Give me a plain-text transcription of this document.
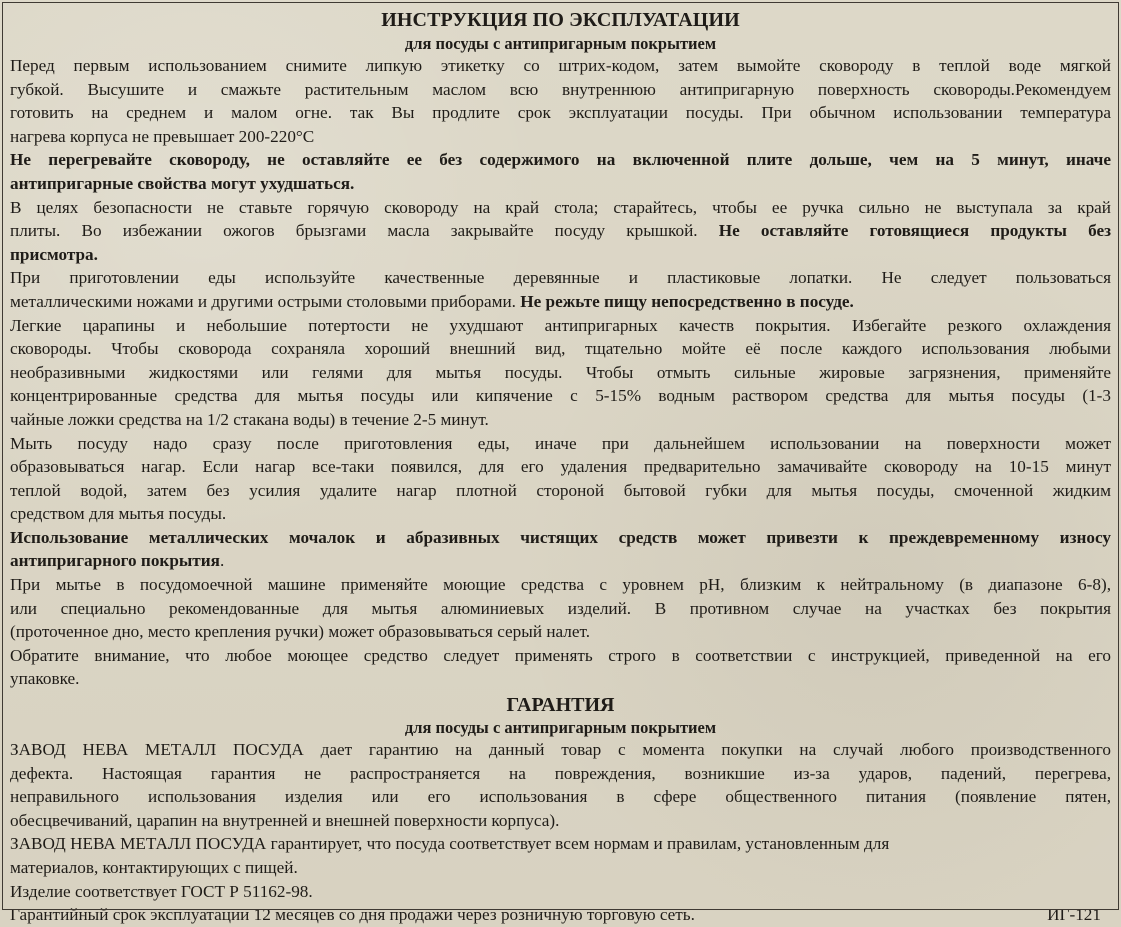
ИНСТРУКЦИЯ ПО ЭКСПЛУАТАЦИИ
для посуды с антипригарным покрытием

Перед первым использованием снимите липкую этикетку со штрих-кодом, затем вымойте сковороду в теплой воде мягкой
губкой. Высушите и смажьте растительным маслом всю внутреннюю антипригарную поверхность сковороды.Рекомендуем
готовить на среднем и малом огне. так Вы продлите срок эксплуатации посуды. При обычном использовании температура
нагрева корпуса не превышает 200-220°С

Не перегревайте сковороду, не оставляйте ее без содержимого на включенной плите дольше, чем на 5 минут, иначе
антипригарные свойства могут ухудшаться.

В целях безопасности не ставьте горячую сковороду на край стола; старайтесь, чтобы ее ручка сильно не выступала за край
плиты. Во избежании ожогов брызгами масла закрывайте посуду крышкой. Не оставляйте готовящиеся продукты без
присмотра.

При приготовлении еды используйте качественные деревянные и пластиковые лопатки. Не следует пользоваться
металлическими ножами и другими острыми столовыми приборами. Не режьте пищу непосредственно в посуде.

Легкие царапины и небольшие потертости не ухудшают антипригарных качеств покрытия. Избегайте резкого охлаждения
сковороды. Чтобы сковорода сохраняла хороший внешний вид, тщательно мойте её после каждого использования любыми
необразивными жидкостями или гелями для мытья посуды. Чтобы отмыть сильные жировые загрязнения, применяйте
концентрированные средства для мытья посуды или кипячение с 5-15% водным раствором средства для мытья посуды (1-3
чайные ложки средства на 1/2 стакана воды) в течение 2-5 минут.

Мыть посуду надо сразу после приготовления еды, иначе при дальнейшем использовании на поверхности может
образовываться нагар. Если нагар все-таки появился, для его удаления предварительно замачивайте сковороду на 10-15 минут
теплой водой, затем без усилия удалите нагар плотной стороной бытовой губки для мытья посуды, смоченной жидким
средством для мытья посуды.

Использование металлических мочалок и абразивных чистящих средств может привезти к преждевременному износу
антипригарного покрытия.

При мытье в посудомоечной машине применяйте моющие средства с уровнем pH, близким к нейтральному (в диапазоне 6-8),
или специально рекомендованные для мытья алюминиевых изделий. В противном случае на участках без покрытия
(проточенное дно, место крепления ручки) может образовываться серый налет.

Обратите внимание, что любое моющее средство следует применять строго в соответствии с инструкцией, приведенной на его
упаковке.

ГАРАНТИЯ
для посуды с антипригарным покрытием

ЗАВОД НЕВА МЕТАЛЛ ПОСУДА дает гарантию на данный товар с момента покупки на случай любого производственного
дефекта. Настоящая гарантия не распространяется на повреждения, возникшие из-за ударов, падений, перегрева,
неправильного использования изделия или его использования в сфере общественного питания (появление пятен,
обесцвечиваний, царапин на внутренней и внешней поверхности корпуса).

ЗАВОД НЕВА МЕТАЛЛ ПОСУДА гарантирует, что посуда соответствует всем нормам и правилам, установленным для
материалов, контактирующих с пищей.

Изделие соответствует ГОСТ Р 51162-98.

Гарантийный срок эксплуатации 12 месяцев со дня продажи через розничную торговую сеть.	ИГ-121
